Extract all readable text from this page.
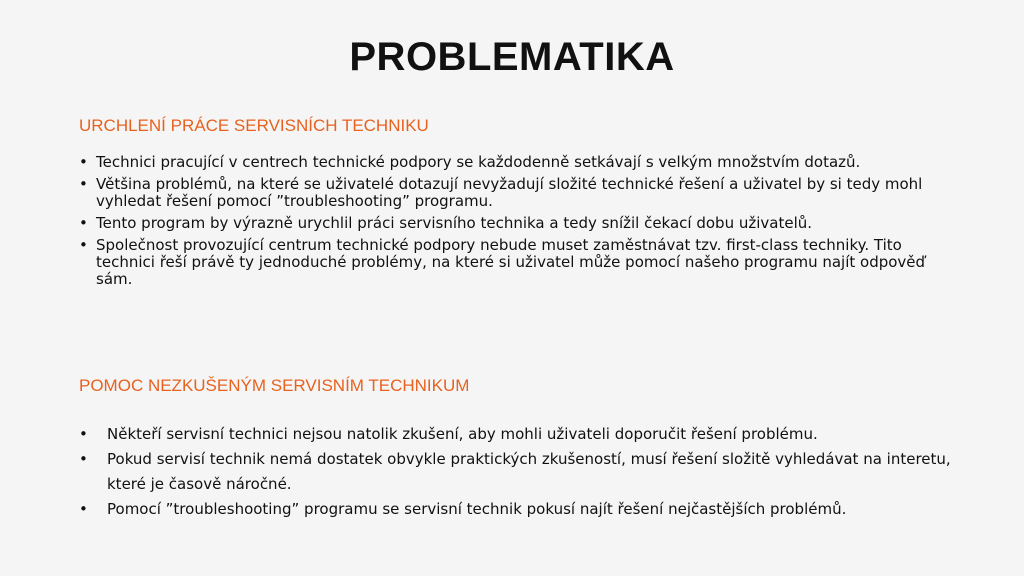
PROBLEMATIKA
URCHLENÍ PRÁCE SERVISNÍCH TECHNIKU
• Technici pracující v centrech technické podpory se každodenně setkávají s velkým množstvím dotazů.
• Většina problémů, na které se uživatelé dotazují nevyžadují složité technické řešení a uživatel by si tedy mohl vyhledat řešení pomocí ”troubleshooting” programu.
• Tento program by výrazně urychlil práci servisního technika a tedy snížil čekací dobu uživatelů.
• Společnost provozující centrum technické podpory nebude muset zaměstnávat tzv. first-class techniky. Tito technici řeší právě ty jednoduché problémy, na které si uživatel může pomocí našeho programu najít odpověď sám.
POMOC NEZKUŠENÝM SERVISNÍM TECHNIKUM
• Někteří servisní technici nejsou natolik zkušení, aby mohli uživateli doporučit řešení problému.
• Pokud servisí technik nemá dostatek obvykle praktických zkušeností, musí řešení složitě vyhledávat na interetu, které je časově náročné.
• Pomocí ”troubleshooting” programu se servisní technik pokusí najít řešení nejčastějších problémů.
